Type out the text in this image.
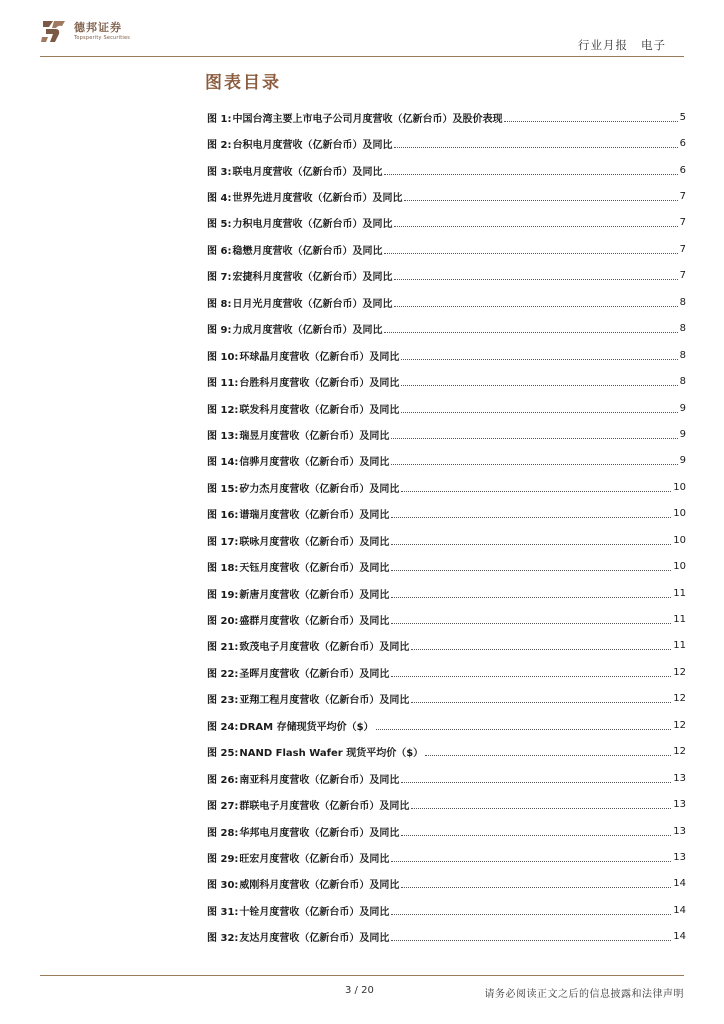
德邦证券
Topsperity Securities
行业月报 电子
图表目录
图 1: 中国台湾主要上市电子公司月度营收（亿新台币）及股价表现	5
图 2: 台积电月度营收（亿新台币）及同比	6
图 3: 联电月度营收（亿新台币）及同比	6
图 4: 世界先进月度营收（亿新台币）及同比	7
图 5: 力积电月度营收（亿新台币）及同比	7
图 6: 稳懋月度营收（亿新台币）及同比	7
图 7: 宏捷科月度营收（亿新台币）及同比	7
图 8: 日月光月度营收（亿新台币）及同比	8
图 9: 力成月度营收（亿新台币）及同比	8
图 10: 环球晶月度营收（亿新台币）及同比	8
图 11: 台胜科月度营收（亿新台币）及同比	8
图 12: 联发科月度营收（亿新台币）及同比	9
图 13: 瑞昱月度营收（亿新台币）及同比	9
图 14: 信骅月度营收（亿新台币）及同比	9
图 15: 矽力杰月度营收（亿新台币）及同比	10
图 16: 谱瑞月度营收（亿新台币）及同比	10
图 17: 联咏月度营收（亿新台币）及同比	10
图 18: 天钰月度营收（亿新台币）及同比	10
图 19: 新唐月度营收（亿新台币）及同比	11
图 20: 盛群月度营收（亿新台币）及同比	11
图 21: 致茂电子月度营收（亿新台币）及同比	11
图 22: 圣晖月度营收（亿新台币）及同比	12
图 23: 亚翔工程月度营收（亿新台币）及同比	12
图 24: DRAM 存储现货平均价（$）	12
图 25: NAND Flash Wafer 现货平均价（$）	12
图 26: 南亚科月度营收（亿新台币）及同比	13
图 27: 群联电子月度营收（亿新台币）及同比	13
图 28: 华邦电月度营收（亿新台币）及同比	13
图 29: 旺宏月度营收（亿新台币）及同比	13
图 30: 威刚科月度营收（亿新台币）及同比	14
图 31: 十铨月度营收（亿新台币）及同比	14
图 32: 友达月度营收（亿新台币）及同比	14
3 / 20	请务必阅读正文之后的信息披露和法律声明
